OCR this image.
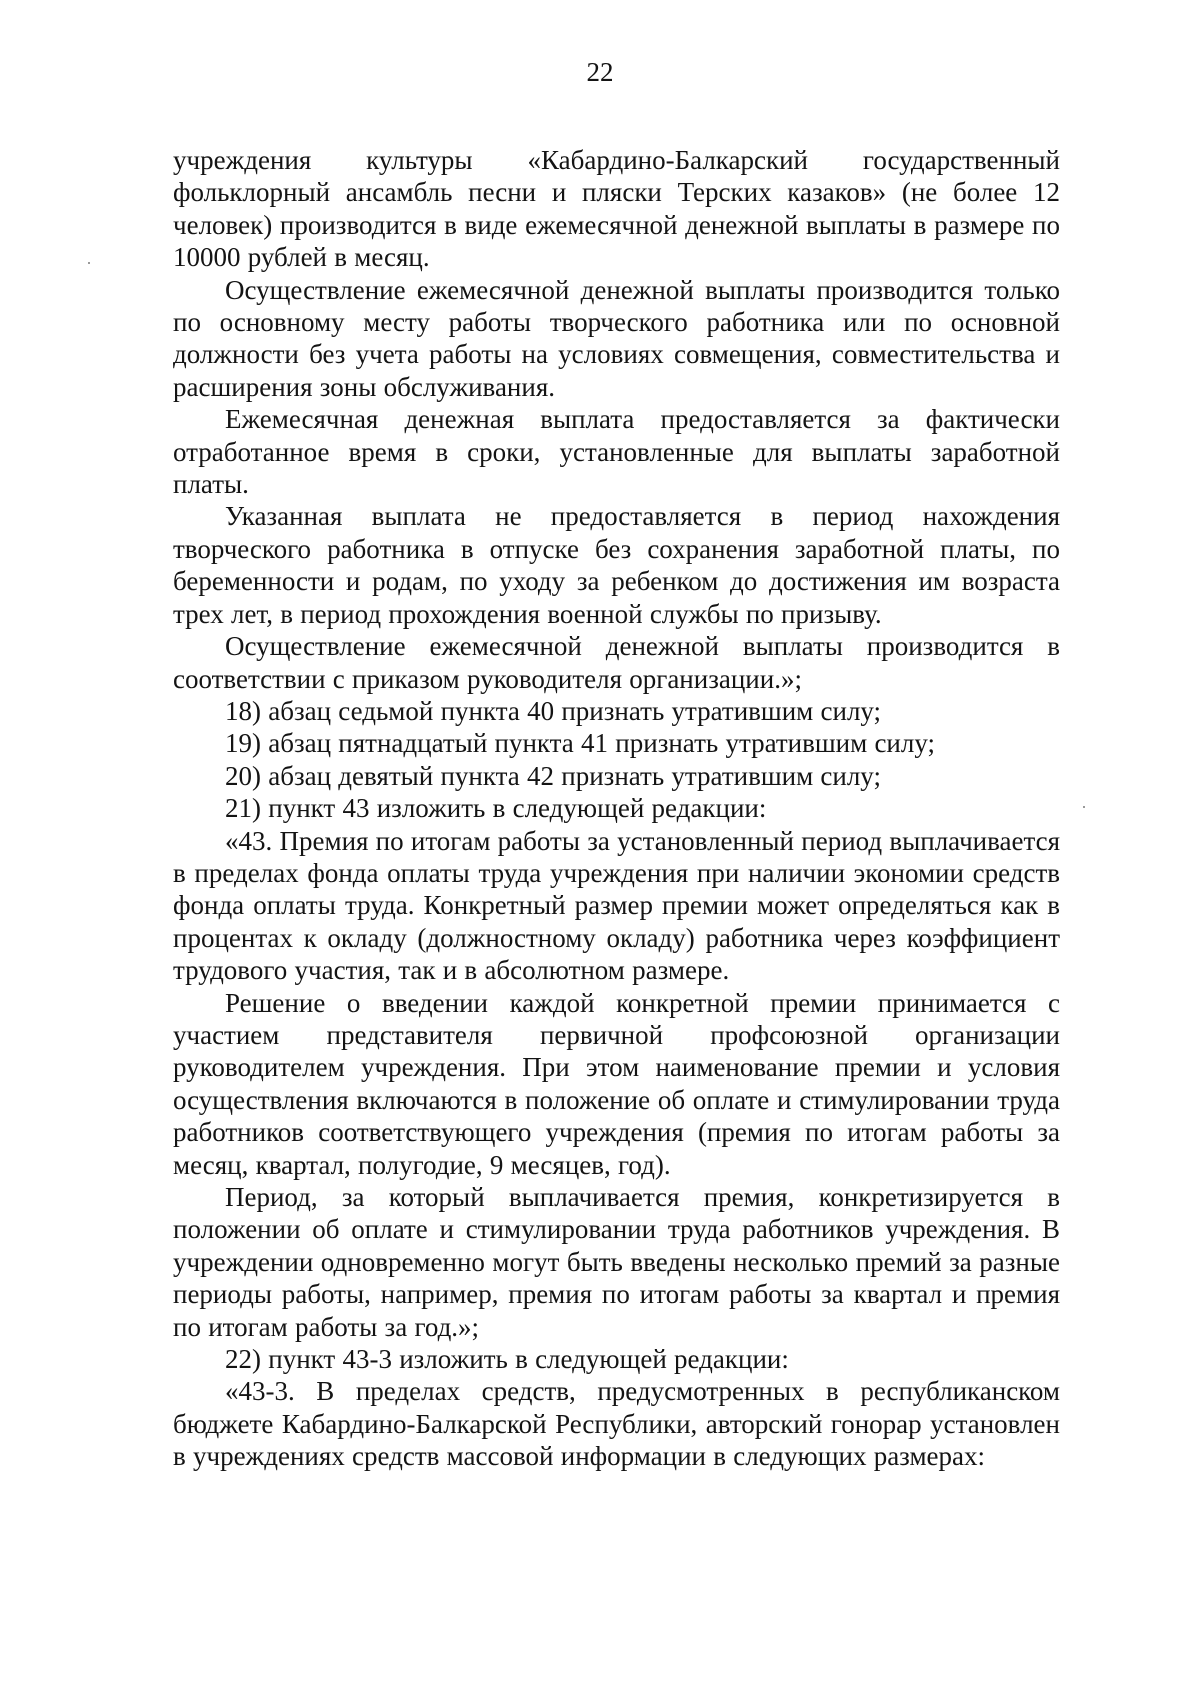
22

учреждения культуры «Кабардино-Балкарский государственный фольклорный ансамбль песни и пляски Терских казаков» (не более 12 человек) производится в виде ежемесячной денежной выплаты в размере по 10000 рублей в месяц.

Осуществление ежемесячной денежной выплаты производится только по основному месту работы творческого работника или по основной должности без учета работы на условиях совмещения, совместительства и расширения зоны обслуживания.

Ежемесячная денежная выплата предоставляется за фактически отработанное время в сроки, установленные для выплаты заработной платы.

Указанная выплата не предоставляется в период нахождения творческого работника в отпуске без сохранения заработной платы, по беременности и родам, по уходу за ребенком до достижения им возраста трех лет, в период прохождения военной службы по призыву.

Осуществление ежемесячной денежной выплаты производится в соответствии с приказом руководителя организации.»;

18) абзац седьмой пункта 40 признать утратившим силу;

19) абзац пятнадцатый пункта 41 признать утратившим силу;

20) абзац девятый пункта 42 признать утратившим силу;

21) пункт 43 изложить в следующей редакции:

«43. Премия по итогам работы за установленный период выплачивается в пределах фонда оплаты труда учреждения при наличии экономии средств фонда оплаты труда. Конкретный размер премии может определяться как в процентах к окладу (должностному окладу) работника через коэффициент трудового участия, так и в абсолютном размере.

Решение о введении каждой конкретной премии принимается с участием представителя первичной профсоюзной организации руководителем учреждения. При этом наименование премии и условия осуществления включаются в положение об оплате и стимулировании труда работников соответствующего учреждения (премия по итогам работы за месяц, квартал, полугодие, 9 месяцев, год).

Период, за который выплачивается премия, конкретизируется в положении об оплате и стимулировании труда работников учреждения. В учреждении одновременно могут быть введены несколько премий за разные периоды работы, например, премия по итогам работы за квартал и премия по итогам работы за год.»;

22) пункт 43-3 изложить в следующей редакции:

«43-3. В пределах средств, предусмотренных в республиканском бюджете Кабардино-Балкарской Республики, авторский гонорар установлен в учреждениях средств массовой информации в следующих размерах:
